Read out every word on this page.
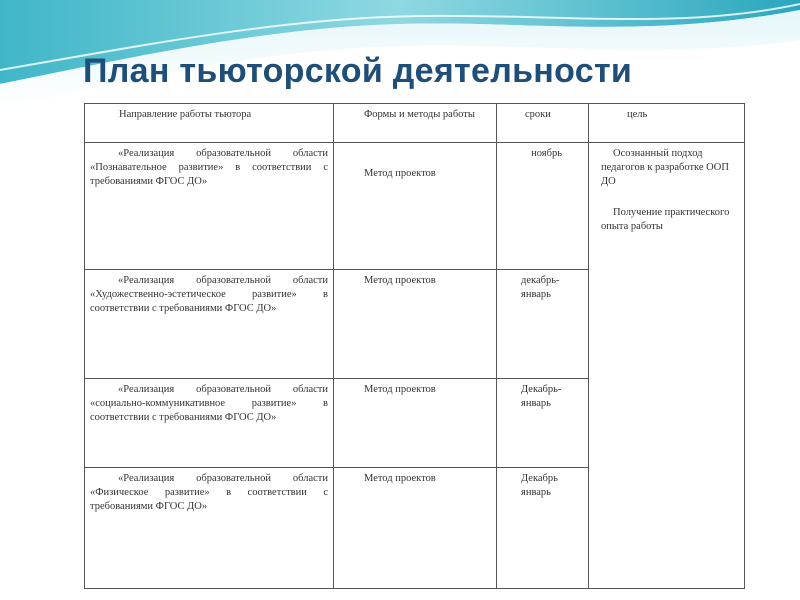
План тьюторской деятельности
Направление работы тьютора	Формы и методы работы	сроки	цель
«Реализация образовательной области «Познавательное развитие» в соответствии с требованиями ФГОС ДО»	Метод проектов	ноябрь	Осознанный подход педагогов к разработке ООП ДО

Получение практического опыта работы

«Реализация образовательной области «Художественно-эстетическое развитие» в соответствии с требованиями ФГОС ДО»	Метод проектов	декабрь-январь	
«Реализация образовательной области «социально-коммуникативное развитие» в соответствии с требованиями ФГОС ДО»	Метод проектов	Декабрь-январь	
«Реализация образовательной области «Физическое развитие» в соответствии с требованиями ФГОС ДО»	Метод проектов	Декабрь январь	
